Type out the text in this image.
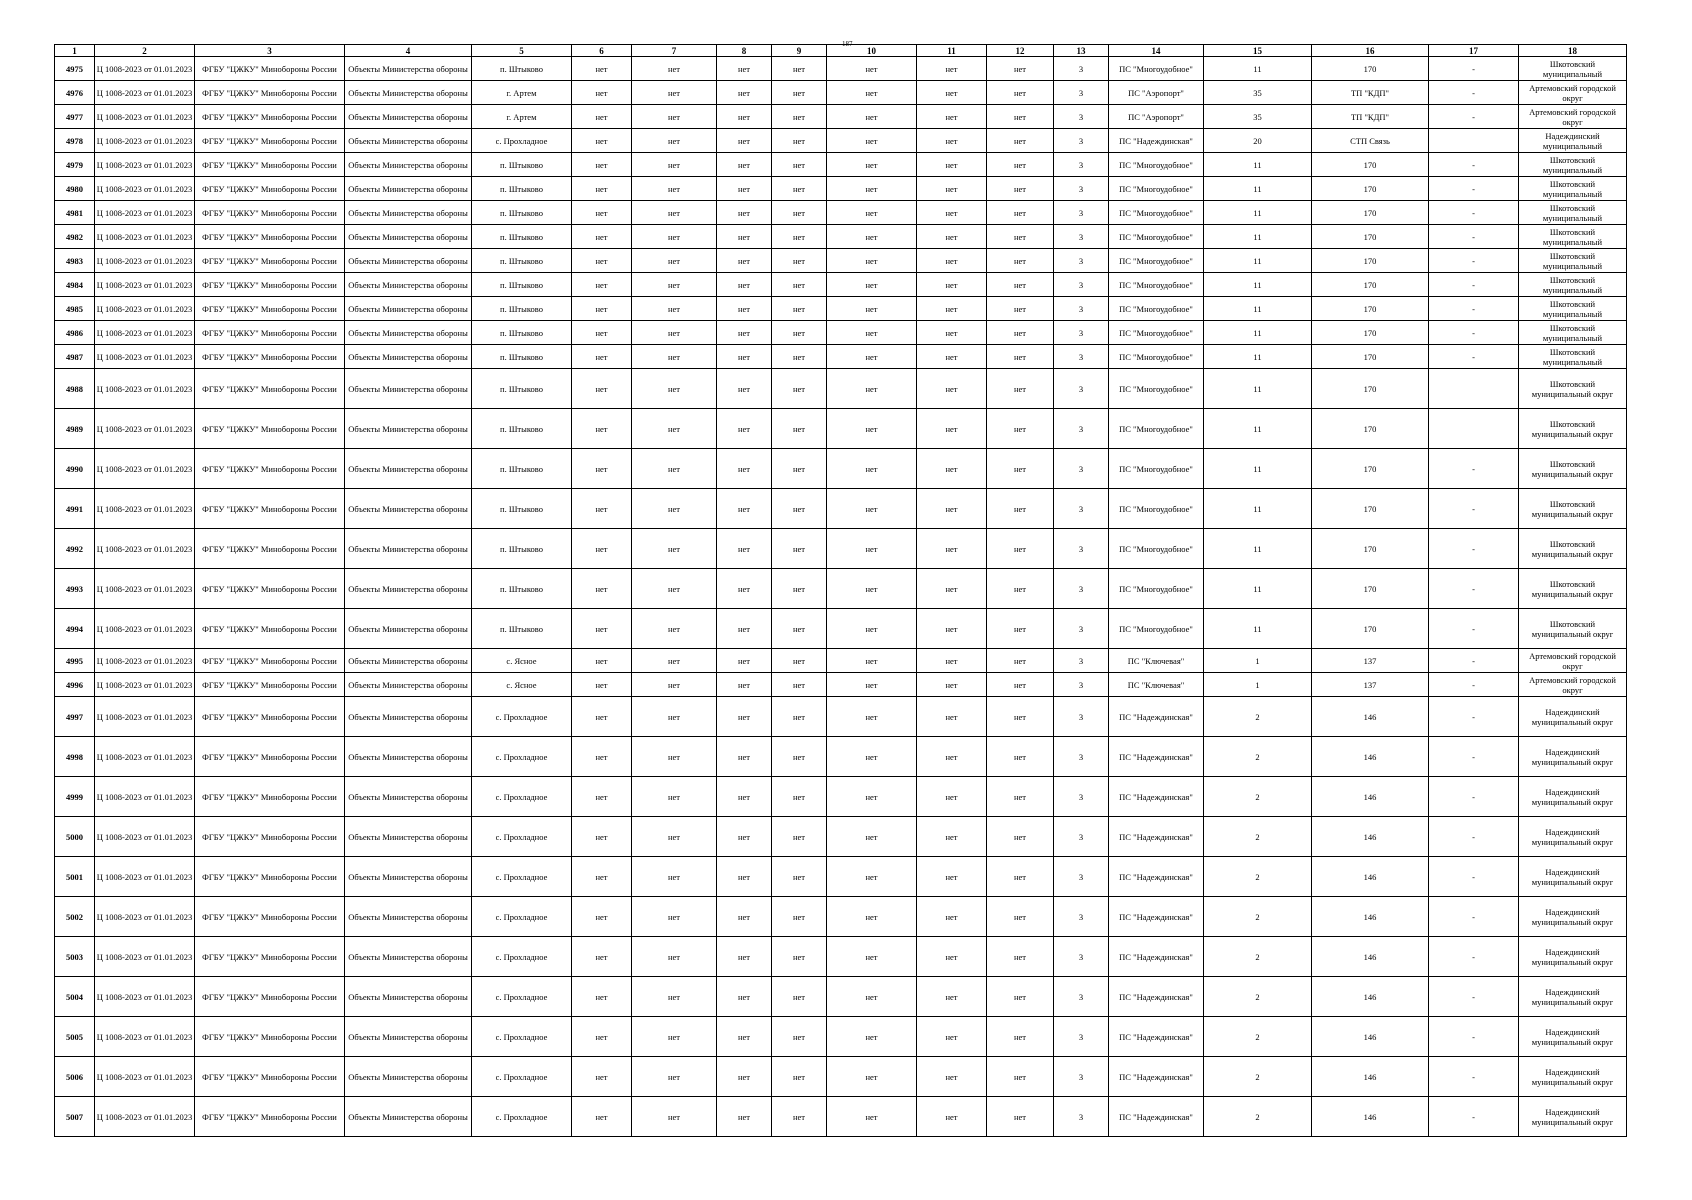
187
1	2	3	4	5	6	7	8	9	10	11	12	13	14	15	16	17	18
4975	Ц 1008-2023 от 01.01.2023	ФГБУ "ЦЖКУ" Минобороны России	Объекты Министерства обороны	п. Штыково	нет	нет	нет	нет	нет	нет	нет	3	ПС "Многоудобное"	11	170	-	Шкотовский муниципальный
4976	Ц 1008-2023 от 01.01.2023	ФГБУ "ЦЖКУ" Минобороны России	Объекты Министерства обороны	г. Артем	нет	нет	нет	нет	нет	нет	нет	3	ПС "Аэропорт"	35	ТП "КДП"	-	Артемовский городской округ
4977	Ц 1008-2023 от 01.01.2023	ФГБУ "ЦЖКУ" Минобороны России	Объекты Министерства обороны	г. Артем	нет	нет	нет	нет	нет	нет	нет	3	ПС "Аэропорт"	35	ТП "КДП"	-	Артемовский городской округ
4978	Ц 1008-2023 от 01.01.2023	ФГБУ "ЦЖКУ" Минобороны России	Объекты Министерства обороны	с. Прохладное	нет	нет	нет	нет	нет	нет	нет	3	ПС "Надеждинская"	20	СТП Связь		Надеждинский муниципальный
4979	Ц 1008-2023 от 01.01.2023	ФГБУ "ЦЖКУ" Минобороны России	Объекты Министерства обороны	п. Штыково	нет	нет	нет	нет	нет	нет	нет	3	ПС "Многоудобное"	11	170	-	Шкотовский муниципальный
4980	Ц 1008-2023 от 01.01.2023	ФГБУ "ЦЖКУ" Минобороны России	Объекты Министерства обороны	п. Штыково	нет	нет	нет	нет	нет	нет	нет	3	ПС "Многоудобное"	11	170	-	Шкотовский муниципальный
4981	Ц 1008-2023 от 01.01.2023	ФГБУ "ЦЖКУ" Минобороны России	Объекты Министерства обороны	п. Штыково	нет	нет	нет	нет	нет	нет	нет	3	ПС "Многоудобное"	11	170	-	Шкотовский муниципальный
4982	Ц 1008-2023 от 01.01.2023	ФГБУ "ЦЖКУ" Минобороны России	Объекты Министерства обороны	п. Штыково	нет	нет	нет	нет	нет	нет	нет	3	ПС "Многоудобное"	11	170	-	Шкотовский муниципальный
4983	Ц 1008-2023 от 01.01.2023	ФГБУ "ЦЖКУ" Минобороны России	Объекты Министерства обороны	п. Штыково	нет	нет	нет	нет	нет	нет	нет	3	ПС "Многоудобное"	11	170	-	Шкотовский муниципальный
4984	Ц 1008-2023 от 01.01.2023	ФГБУ "ЦЖКУ" Минобороны России	Объекты Министерства обороны	п. Штыково	нет	нет	нет	нет	нет	нет	нет	3	ПС "Многоудобное"	11	170	-	Шкотовский муниципальный
4985	Ц 1008-2023 от 01.01.2023	ФГБУ "ЦЖКУ" Минобороны России	Объекты Министерства обороны	п. Штыково	нет	нет	нет	нет	нет	нет	нет	3	ПС "Многоудобное"	11	170	-	Шкотовский муниципальный
4986	Ц 1008-2023 от 01.01.2023	ФГБУ "ЦЖКУ" Минобороны России	Объекты Министерства обороны	п. Штыково	нет	нет	нет	нет	нет	нет	нет	3	ПС "Многоудобное"	11	170	-	Шкотовский муниципальный
4987	Ц 1008-2023 от 01.01.2023	ФГБУ "ЦЖКУ" Минобороны России	Объекты Министерства обороны	п. Штыково	нет	нет	нет	нет	нет	нет	нет	3	ПС "Многоудобное"	11	170	-	Шкотовский муниципальный
4988	Ц 1008-2023 от 01.01.2023	ФГБУ "ЦЖКУ" Минобороны России	Объекты Министерства обороны	п. Штыково	нет	нет	нет	нет	нет	нет	нет	3	ПС "Многоудобное"	11	170		Шкотовский муниципальный округ
4989	Ц 1008-2023 от 01.01.2023	ФГБУ "ЦЖКУ" Минобороны России	Объекты Министерства обороны	п. Штыково	нет	нет	нет	нет	нет	нет	нет	3	ПС "Многоудобное"	11	170		Шкотовский муниципальный округ
4990	Ц 1008-2023 от 01.01.2023	ФГБУ "ЦЖКУ" Минобороны России	Объекты Министерства обороны	п. Штыково	нет	нет	нет	нет	нет	нет	нет	3	ПС "Многоудобное"	11	170	-	Шкотовский муниципальный округ
4991	Ц 1008-2023 от 01.01.2023	ФГБУ "ЦЖКУ" Минобороны России	Объекты Министерства обороны	п. Штыково	нет	нет	нет	нет	нет	нет	нет	3	ПС "Многоудобное"	11	170	-	Шкотовский муниципальный округ
4992	Ц 1008-2023 от 01.01.2023	ФГБУ "ЦЖКУ" Минобороны России	Объекты Министерства обороны	п. Штыково	нет	нет	нет	нет	нет	нет	нет	3	ПС "Многоудобное"	11	170	-	Шкотовский муниципальный округ
4993	Ц 1008-2023 от 01.01.2023	ФГБУ "ЦЖКУ" Минобороны России	Объекты Министерства обороны	п. Штыково	нет	нет	нет	нет	нет	нет	нет	3	ПС "Многоудобное"	11	170	-	Шкотовский муниципальный округ
4994	Ц 1008-2023 от 01.01.2023	ФГБУ "ЦЖКУ" Минобороны России	Объекты Министерства обороны	п. Штыково	нет	нет	нет	нет	нет	нет	нет	3	ПС "Многоудобное"	11	170	-	Шкотовский муниципальный округ
4995	Ц 1008-2023 от 01.01.2023	ФГБУ "ЦЖКУ" Минобороны России	Объекты Министерства обороны	с. Ясное	нет	нет	нет	нет	нет	нет	нет	3	ПС "Ключевая"	1	137	-	Артемовский городской округ
4996	Ц 1008-2023 от 01.01.2023	ФГБУ "ЦЖКУ" Минобороны России	Объекты Министерства обороны	с. Ясное	нет	нет	нет	нет	нет	нет	нет	3	ПС "Ключевая"	1	137	-	Артемовский городской округ
4997	Ц 1008-2023 от 01.01.2023	ФГБУ "ЦЖКУ" Минобороны России	Объекты Министерства обороны	с. Прохладное	нет	нет	нет	нет	нет	нет	нет	3	ПС "Надеждинская"	2	146	-	Надеждинский муниципальный округ
4998	Ц 1008-2023 от 01.01.2023	ФГБУ "ЦЖКУ" Минобороны России	Объекты Министерства обороны	с. Прохладное	нет	нет	нет	нет	нет	нет	нет	3	ПС "Надеждинская"	2	146	-	Надеждинский муниципальный округ
4999	Ц 1008-2023 от 01.01.2023	ФГБУ "ЦЖКУ" Минобороны России	Объекты Министерства обороны	с. Прохладное	нет	нет	нет	нет	нет	нет	нет	3	ПС "Надеждинская"	2	146	-	Надеждинский муниципальный округ
5000	Ц 1008-2023 от 01.01.2023	ФГБУ "ЦЖКУ" Минобороны России	Объекты Министерства обороны	с. Прохладное	нет	нет	нет	нет	нет	нет	нет	3	ПС "Надеждинская"	2	146	-	Надеждинский муниципальный округ
5001	Ц 1008-2023 от 01.01.2023	ФГБУ "ЦЖКУ" Минобороны России	Объекты Министерства обороны	с. Прохладное	нет	нет	нет	нет	нет	нет	нет	3	ПС "Надеждинская"	2	146	-	Надеждинский муниципальный округ
5002	Ц 1008-2023 от 01.01.2023	ФГБУ "ЦЖКУ" Минобороны России	Объекты Министерства обороны	с. Прохладное	нет	нет	нет	нет	нет	нет	нет	3	ПС "Надеждинская"	2	146	-	Надеждинский муниципальный округ
5003	Ц 1008-2023 от 01.01.2023	ФГБУ "ЦЖКУ" Минобороны России	Объекты Министерства обороны	с. Прохладное	нет	нет	нет	нет	нет	нет	нет	3	ПС "Надеждинская"	2	146	-	Надеждинский муниципальный округ
5004	Ц 1008-2023 от 01.01.2023	ФГБУ "ЦЖКУ" Минобороны России	Объекты Министерства обороны	с. Прохладное	нет	нет	нет	нет	нет	нет	нет	3	ПС "Надеждинская"	2	146	-	Надеждинский муниципальный округ
5005	Ц 1008-2023 от 01.01.2023	ФГБУ "ЦЖКУ" Минобороны России	Объекты Министерства обороны	с. Прохладное	нет	нет	нет	нет	нет	нет	нет	3	ПС "Надеждинская"	2	146	-	Надеждинский муниципальный округ
5006	Ц 1008-2023 от 01.01.2023	ФГБУ "ЦЖКУ" Минобороны России	Объекты Министерства обороны	с. Прохладное	нет	нет	нет	нет	нет	нет	нет	3	ПС "Надеждинская"	2	146	-	Надеждинский муниципальный округ
5007	Ц 1008-2023 от 01.01.2023	ФГБУ "ЦЖКУ" Минобороны России	Объекты Министерства обороны	с. Прохладное	нет	нет	нет	нет	нет	нет	нет	3	ПС "Надеждинская"	2	146	-	Надеждинский муниципальный округ
